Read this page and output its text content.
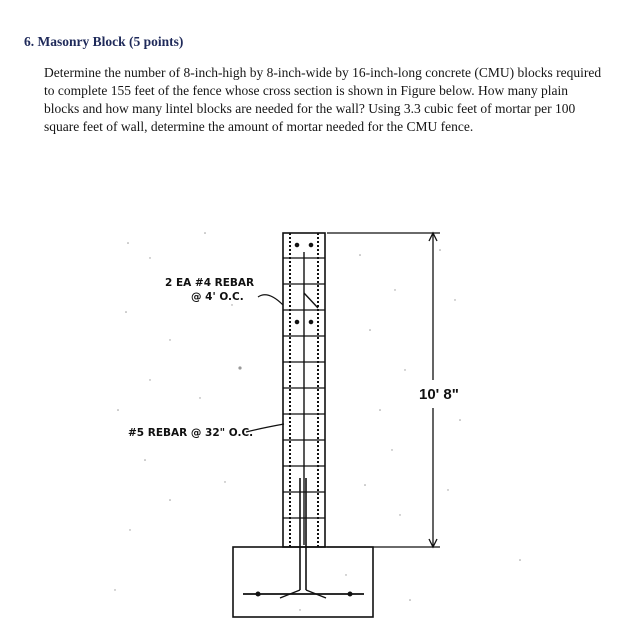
6. Masonry Block (5 points)
Determine the number of 8-inch-high by 8-inch-wide by 16-inch-long concrete (CMU) blocks required to complete 155 feet of the fence whose cross section is shown in Figure below. How many plain blocks and how many lintel blocks are needed for the wall? Using 3.3 cubic feet of mortar per 100 square feet of wall, determine the amount of mortar needed for the CMU fence.
10' 8"
2 EA #4 REBAR
@ 4' O.C.
#5 REBAR @ 32" O.C.
